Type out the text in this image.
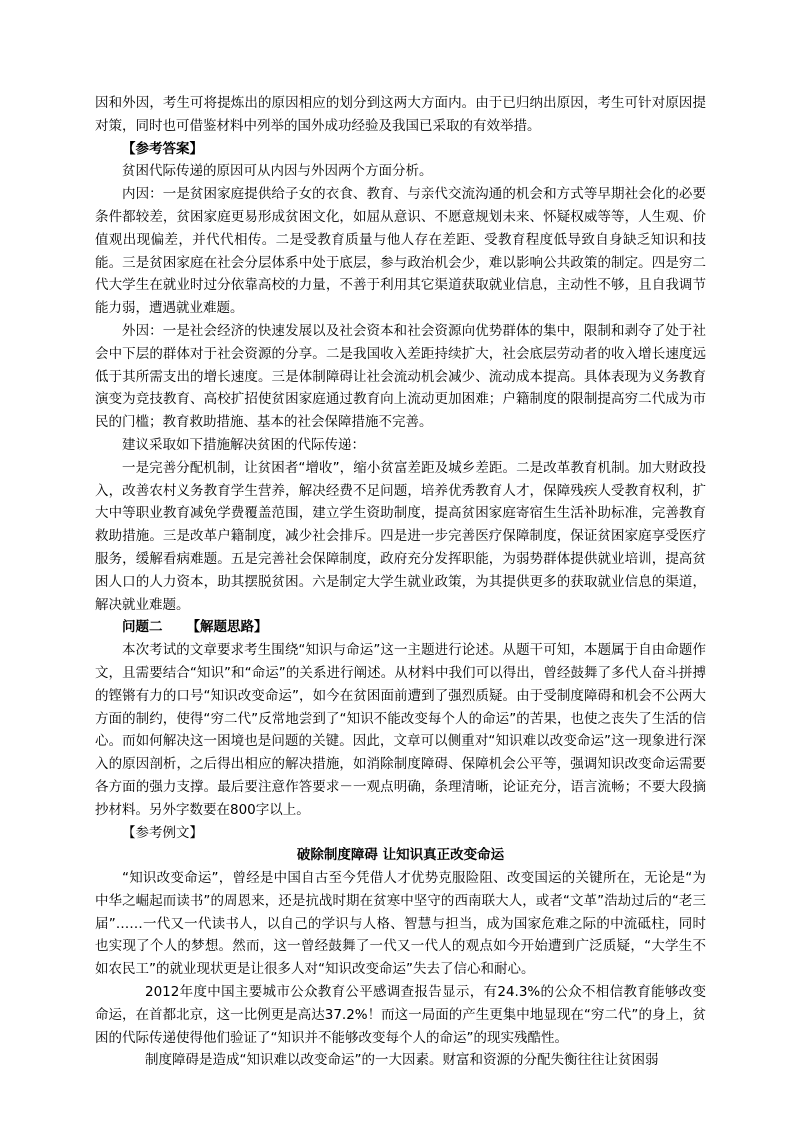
因和外因，考生可将提炼出的原因相应的划分到这两大方面内。由于已归纳出原因，考生可针对原因提对策，同时也可借鉴材料中列举的国外成功经验及我国已采取的有效举措。

【参考答案】

贫困代际传递的原因可从内因与外因两个方面分析。

内因：一是贫困家庭提供给子女的衣食、教育、与亲代交流沟通的机会和方式等早期社会化的必要条件都较差，贫困家庭更易形成贫困文化，如屈从意识、不愿意规划未来、怀疑权威等等，人生观、价值观出现偏差，并代代相传。二是受教育质量与他人存在差距、受教育程度低导致自身缺乏知识和技能。三是贫困家庭在社会分层体系中处于底层，参与政治机会少，难以影响公共政策的制定。四是穷二代大学生在就业时过分依靠高校的力量，不善于利用其它渠道获取就业信息，主动性不够，且自我调节能力弱，遭遇就业难题。

外因：一是社会经济的快速发展以及社会资本和社会资源向优势群体的集中，限制和剥夺了处于社会中下层的群体对于社会资源的分享。二是我国收入差距持续扩大，社会底层劳动者的收入增长速度远低于其所需支出的增长速度。三是体制障碍让社会流动机会减少、流动成本提高。具体表现为义务教育演变为竞技教育、高校扩招使贫困家庭通过教育向上流动更加困难；户籍制度的限制提高穷二代成为市民的门槛；教育救助措施、基本的社会保障措施不完善。

建议采取如下措施解决贫困的代际传递：

一是完善分配机制，让贫困者“增收”，缩小贫富差距及城乡差距。二是改革教育机制。加大财政投入，改善农村义务教育学生营养，解决经费不足问题，培养优秀教育人才，保障残疾人受教育权利，扩大中等职业教育减免学费覆盖范围，建立学生资助制度，提高贫困家庭寄宿生生活补助标准，完善教育救助措施。三是改革户籍制度，减少社会排斥。四是进一步完善医疗保障制度，保证贫困家庭享受医疗服务，缓解看病难题。五是完善社会保障制度，政府充分发挥职能，为弱势群体提供就业培训，提高贫困人口的人力资本，助其摆脱贫困。六是制定大学生就业政策，为其提供更多的获取就业信息的渠道，解决就业难题。

问题二 【解题思路】

本次考试的文章要求考生围绕“知识与命运”这一主题进行论述。从题干可知，本题属于自由命题作文，且需要结合“知识”和“命运”的关系进行阐述。从材料中我们可以得出，曾经鼓舞了多代人奋斗拼搏的铿锵有力的口号“知识改变命运”，如今在贫困面前遭到了强烈质疑。由于受制度障碍和机会不公两大方面的制约，使得“穷二代”反常地尝到了“知识不能改变每个人的命运”的苦果，也使之丧失了生活的信心。而如何解决这一困境也是问题的关键。因此，文章可以侧重对“知识难以改变命运”这一现象进行深入的原因剖析，之后得出相应的解决措施，如消除制度障碍、保障机会公平等，强调知识改变命运需要各方面的强力支撑。最后要注意作答要求－一观点明确，条理清晰，论证充分，语言流畅；不要大段摘抄材料。另外字数要在800字以上。

【参考例文】

破除制度障碍 让知识真正改变命运

“知识改变命运”，曾经是中国自古至今凭借人才优势克服险阻、改变国运的关键所在，无论是“为中华之崛起而读书”的周恩来，还是抗战时期在贫寒中坚守的西南联大人，或者“文革”浩劫过后的“老三届”……一代又一代读书人，以自己的学识与人格、智慧与担当，成为国家危难之际的中流砥柱，同时也实现了个人的梦想。然而，这一曾经鼓舞了一代又一代人的观点如今开始遭到广泛质疑，“大学生不如农民工”的就业现状更是让很多人对“知识改变命运”失去了信心和耐心。

2012年度中国主要城市公众教育公平感调查报告显示，有24.3%的公众不相信教育能够改变命运，在首都北京，这一比例更是高达37.2%！而这一局面的产生更集中地显现在“穷二代”的身上，贫困的代际传递使得他们验证了“知识并不能够改变每个人的命运”的现实残酷性。

制度障碍是造成“知识难以改变命运”的一大因素。财富和资源的分配失衡往往让贫困弱
